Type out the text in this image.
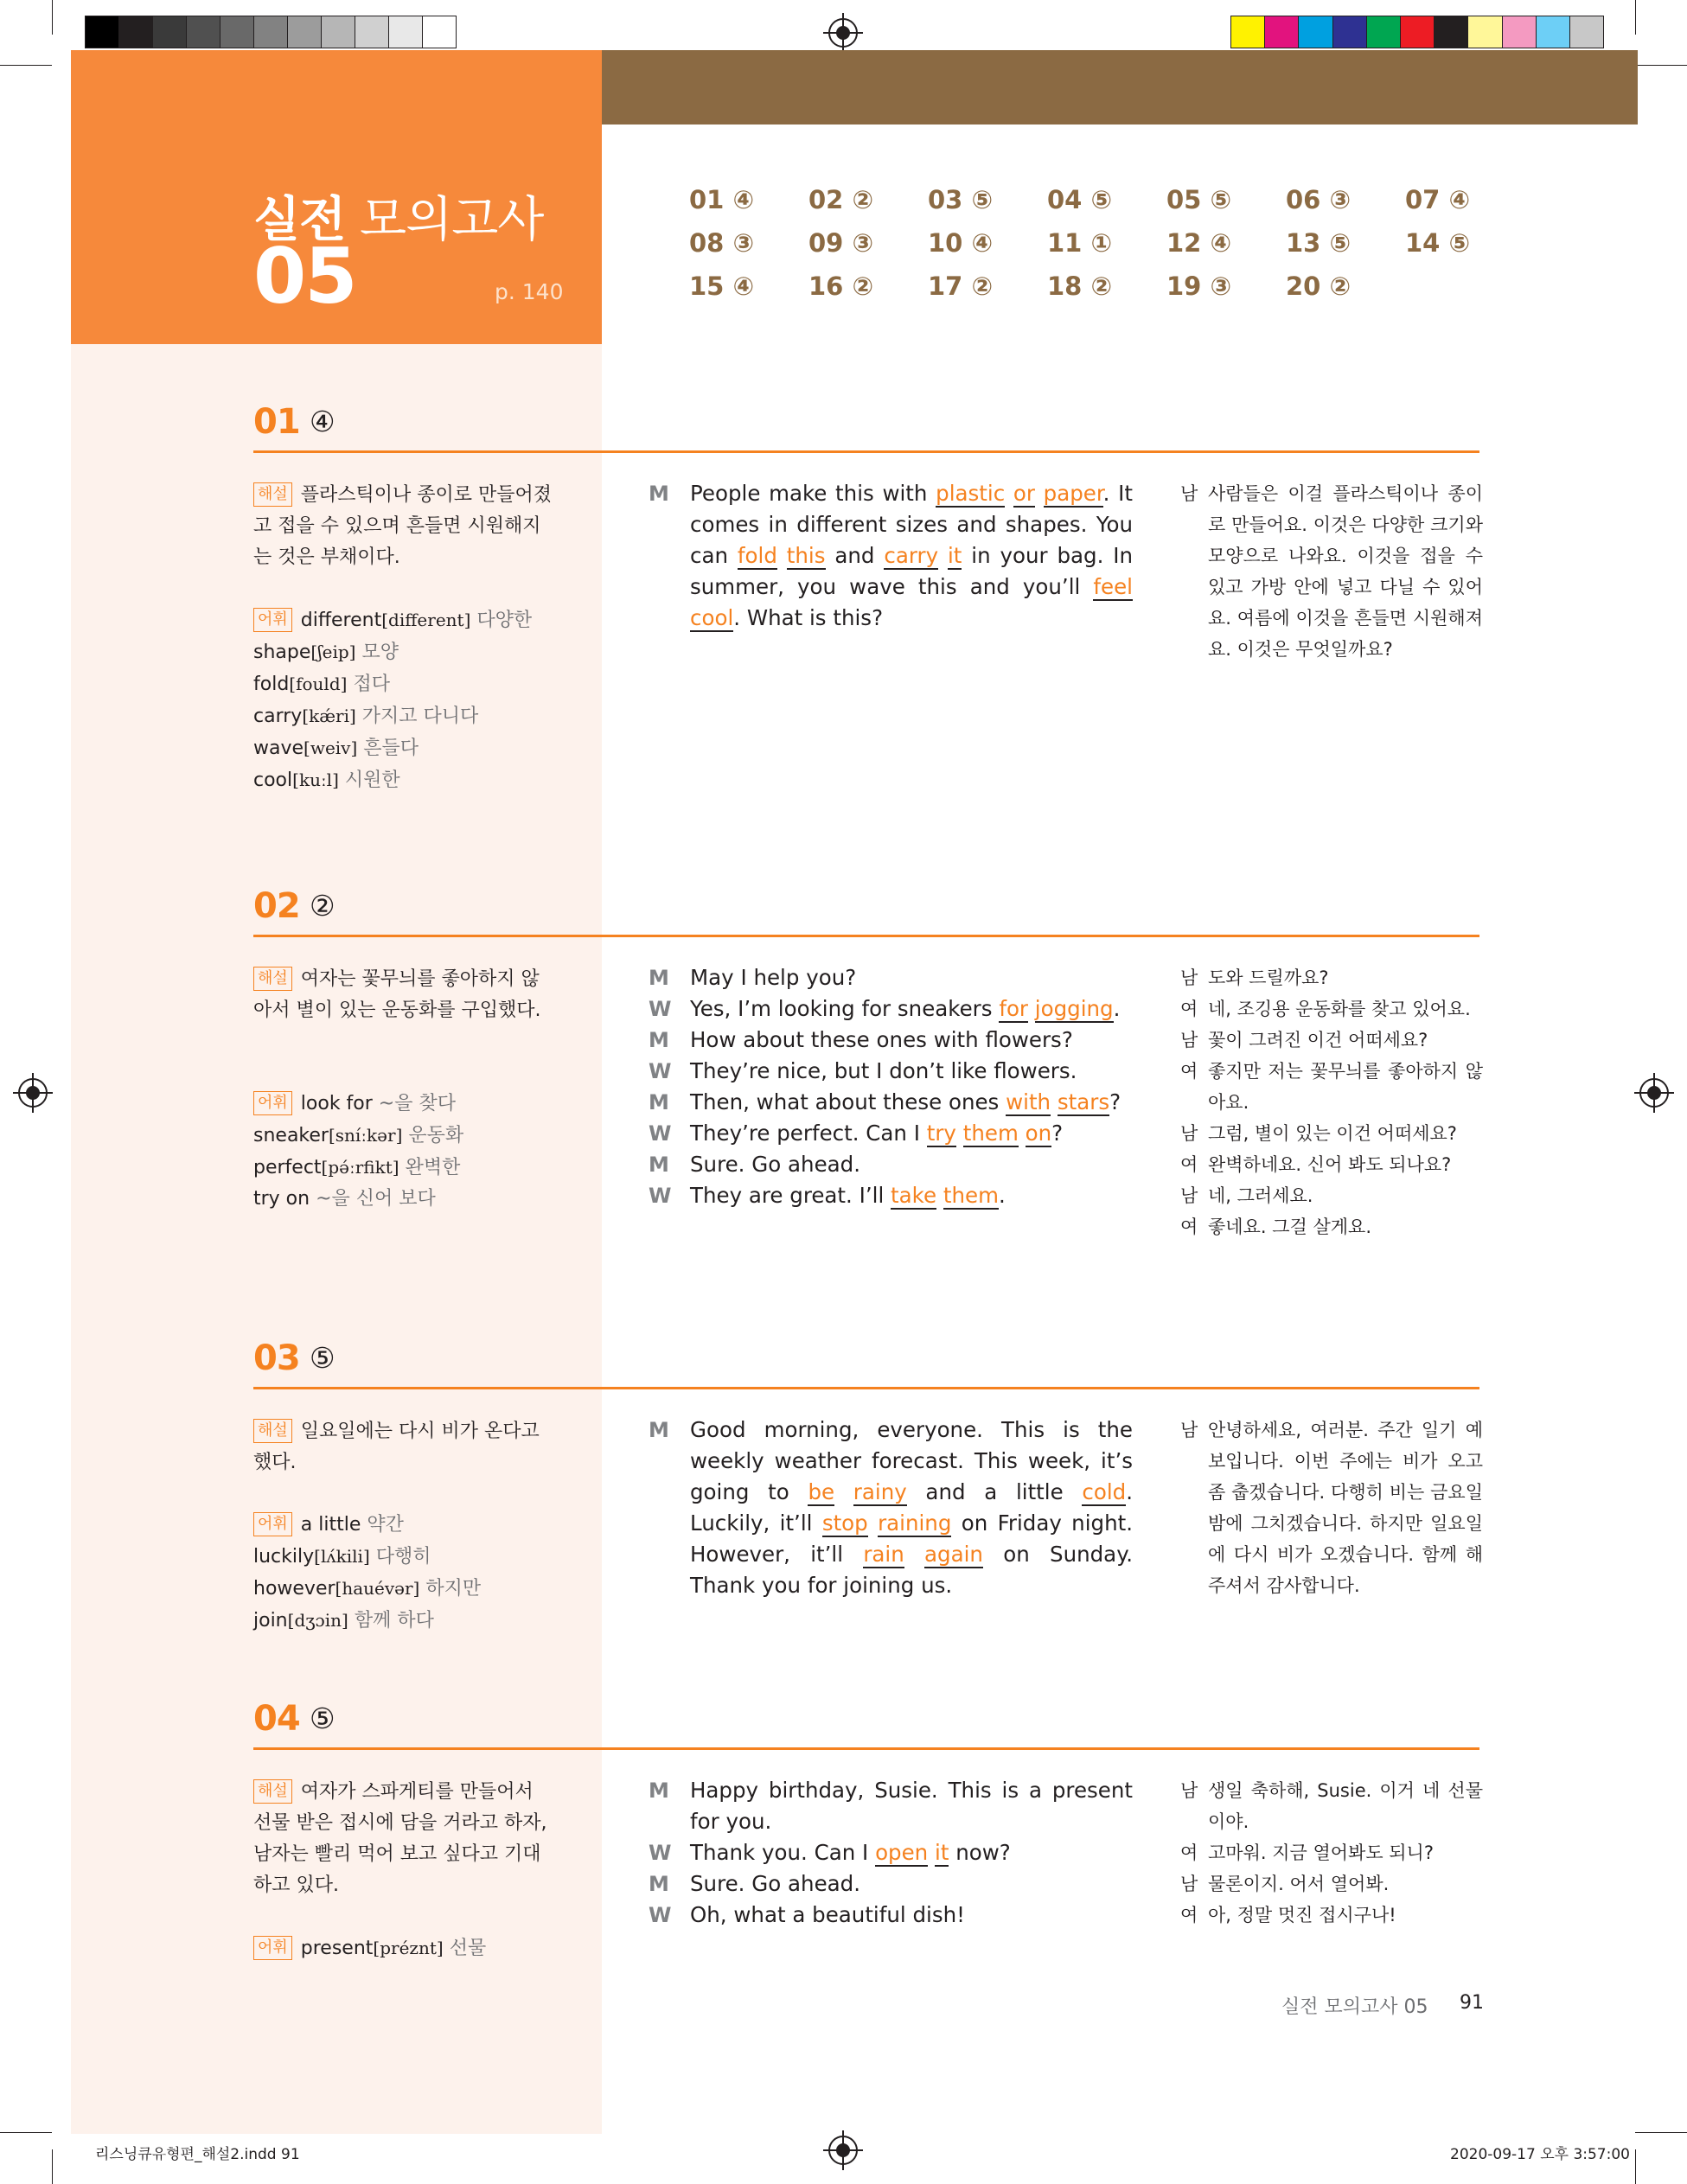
실전 모의고사
05	p. 140
01 ④ 02 ② 03 ⑤ 04 ⑤ 05 ⑤ 06 ③ 07 ④
08 ③ 09 ③ 10 ④ 11 ① 12 ④ 13 ⑤ 14 ⑤
15 ④ 16 ② 17 ② 18 ② 19 ③ 20 ②
01 ④
해설 플라스틱이나 종이로 만들어졌고 접을 수 있으며 흔들면 시원해지는 것은 부채이다.
어휘 different[different] 다양한
shape[ʃeip] 모양
fold[fould] 접다
carry[kǽri] 가지고 다니다
wave[weiv] 흔들다
cool[kuːl] 시원한
M People make this with plastic or paper. It comes in different sizes and shapes. You can fold this and carry it in your bag. In summer, you wave this and you’ll feel cool. What is this?
남 사람들은 이걸 플라스틱이나 종이로 만들어요. 이것은 다양한 크기와 모양으로 나와요. 이것을 접을 수 있고 가방 안에 넣고 다닐 수 있어요. 여름에 이것을 흔들면 시원해져요. 이것은 무엇일까요?
02 ②
해설 여자는 꽃무늬를 좋아하지 않아서 별이 있는 운동화를 구입했다.
어휘 look for ~을 찾다
sneaker[sníːkər] 운동화
perfect[pə́ːrfikt] 완벽한
try on ~을 신어 보다
M May I help you?
W Yes, I’m looking for sneakers for jogging.
M How about these ones with flowers?
W They’re nice, but I don’t like flowers.
M Then, what about these ones with stars?
W They’re perfect. Can I try them on?
M Sure. Go ahead.
W They are great. I’ll take them.
남 도와 드릴까요?
여 네, 조깅용 운동화를 찾고 있어요.
남 꽃이 그려진 이건 어떠세요?
여 좋지만 저는 꽃무늬를 좋아하지 않아요.
남 그럼, 별이 있는 이건 어떠세요?
여 완벽하네요. 신어 봐도 되나요?
남 네, 그러세요.
여 좋네요. 그걸 살게요.
03 ⑤
해설 일요일에는 다시 비가 온다고 했다.
어휘 a little 약간
luckily[lʌ́kili] 다행히
however[hauévər] 하지만
join[dʒɔin] 함께 하다
M Good morning, everyone. This is the weekly weather forecast. This week, it’s going to be rainy and a little cold. Luckily, it’ll stop raining on Friday night. However, it’ll rain again on Sunday. Thank you for joining us.
남 안녕하세요, 여러분. 주간 일기 예보입니다. 이번 주에는 비가 오고 좀 춥겠습니다. 다행히 비는 금요일 밤에 그치겠습니다. 하지만 일요일에 다시 비가 오겠습니다. 함께 해 주셔서 감사합니다.
04 ⑤
해설 여자가 스파게티를 만들어서 선물 받은 접시에 담을 거라고 하자, 남자는 빨리 먹어 보고 싶다고 기대하고 있다.
어휘 present[préznt] 선물
M Happy birthday, Susie. This is a present for you.
W Thank you. Can I open it now?
M Sure. Go ahead.
W Oh, what a beautiful dish!
남 생일 축하해, Susie. 이거 네 선물이야.
여 고마워. 지금 열어봐도 되니?
남 물론이지. 어서 열어봐.
여 아, 정말 멋진 접시구나!
실전 모의고사 05 91
리스닝큐유형편_해설2.indd 91	2020-09-17 오후 3:57:00
